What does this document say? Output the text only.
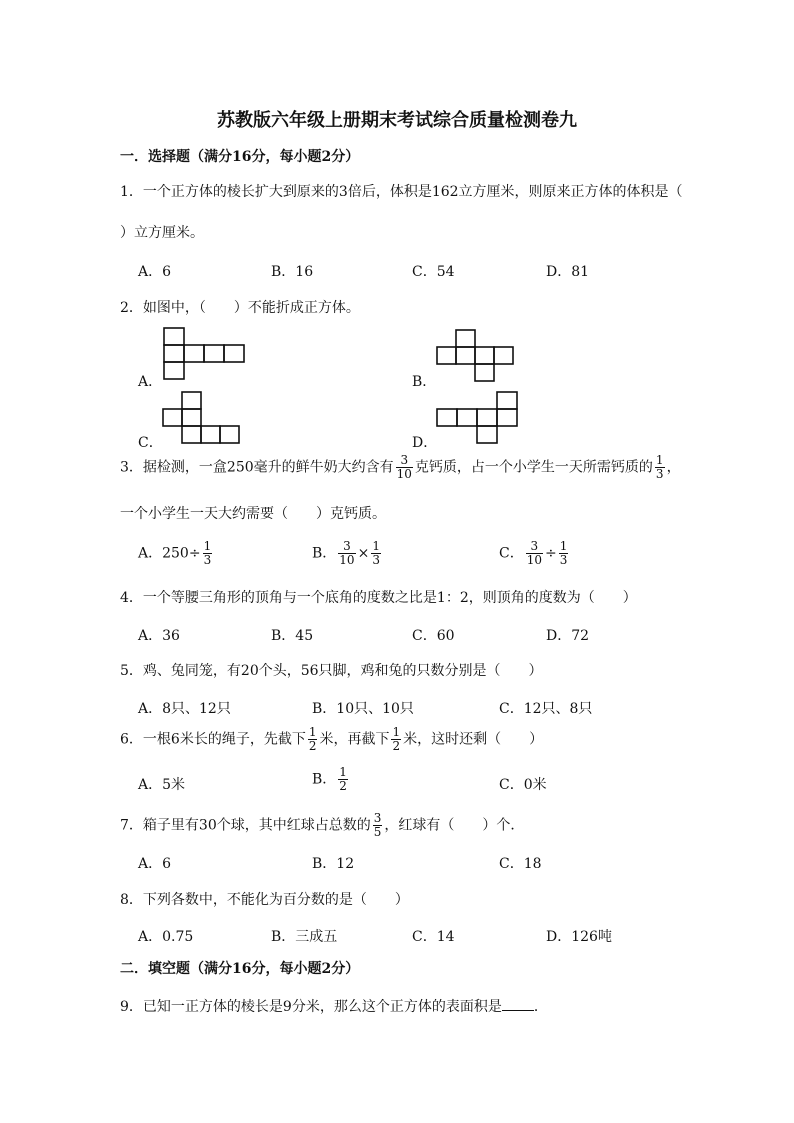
苏教版六年级上册期末考试综合质量检测卷九
一．选择题（满分16分，每小题2分）
1．一个正方体的棱长扩大到原来的3倍后，体积是162立方厘米，则原来正方体的体积是（
）立方厘米。
A．6	B．16	C．54	D．81
2．如图中，（ ）不能折成正方体。
A．	B．
C．	D．
3．据检测，一盒250毫升的鲜牛奶大约含有 $\frac{3}{10}$ 克钙质，占一个小学生一天所需钙质的 $\frac{1}{3}$ ，
一个小学生一天大约需要（ ）克钙质。
A．$250\div \frac{1}{3}$	B． $\frac{3}{10} \times \frac{1}{3}$	C． $\frac{3}{10} \div \frac{1}{3}$
4．一个等腰三角形的顶角与一个底角的度数之比是1：2，则顶角的度数为（ ）
A．36	B．45	C．60	D．72
5．鸡、兔同笼，有20个头，56只脚，鸡和兔的只数分别是（ ）
A．8只、12只	B．10只、10只	C．12只、8只
6．一根6米长的绳子，先截下 $\frac{1}{2}$ 米，再截下 $\frac{1}{2}$ 米，这时还剩（ ）
A．5米	B． $\frac{1}{2}$	C．0米
7．箱子里有30个球，其中红球占总数的 $\frac{3}{5}$ ，红球有（ ）个．
A．6	B．12	C．18
8．下列各数中，不能化为百分数的是（ ）
A．0.75	B．三成五	C．14	D．126吨
二．填空题（满分16分，每小题2分）
9．已知一正方体的棱长是9分米，那么这个正方体的表面积是 ．
